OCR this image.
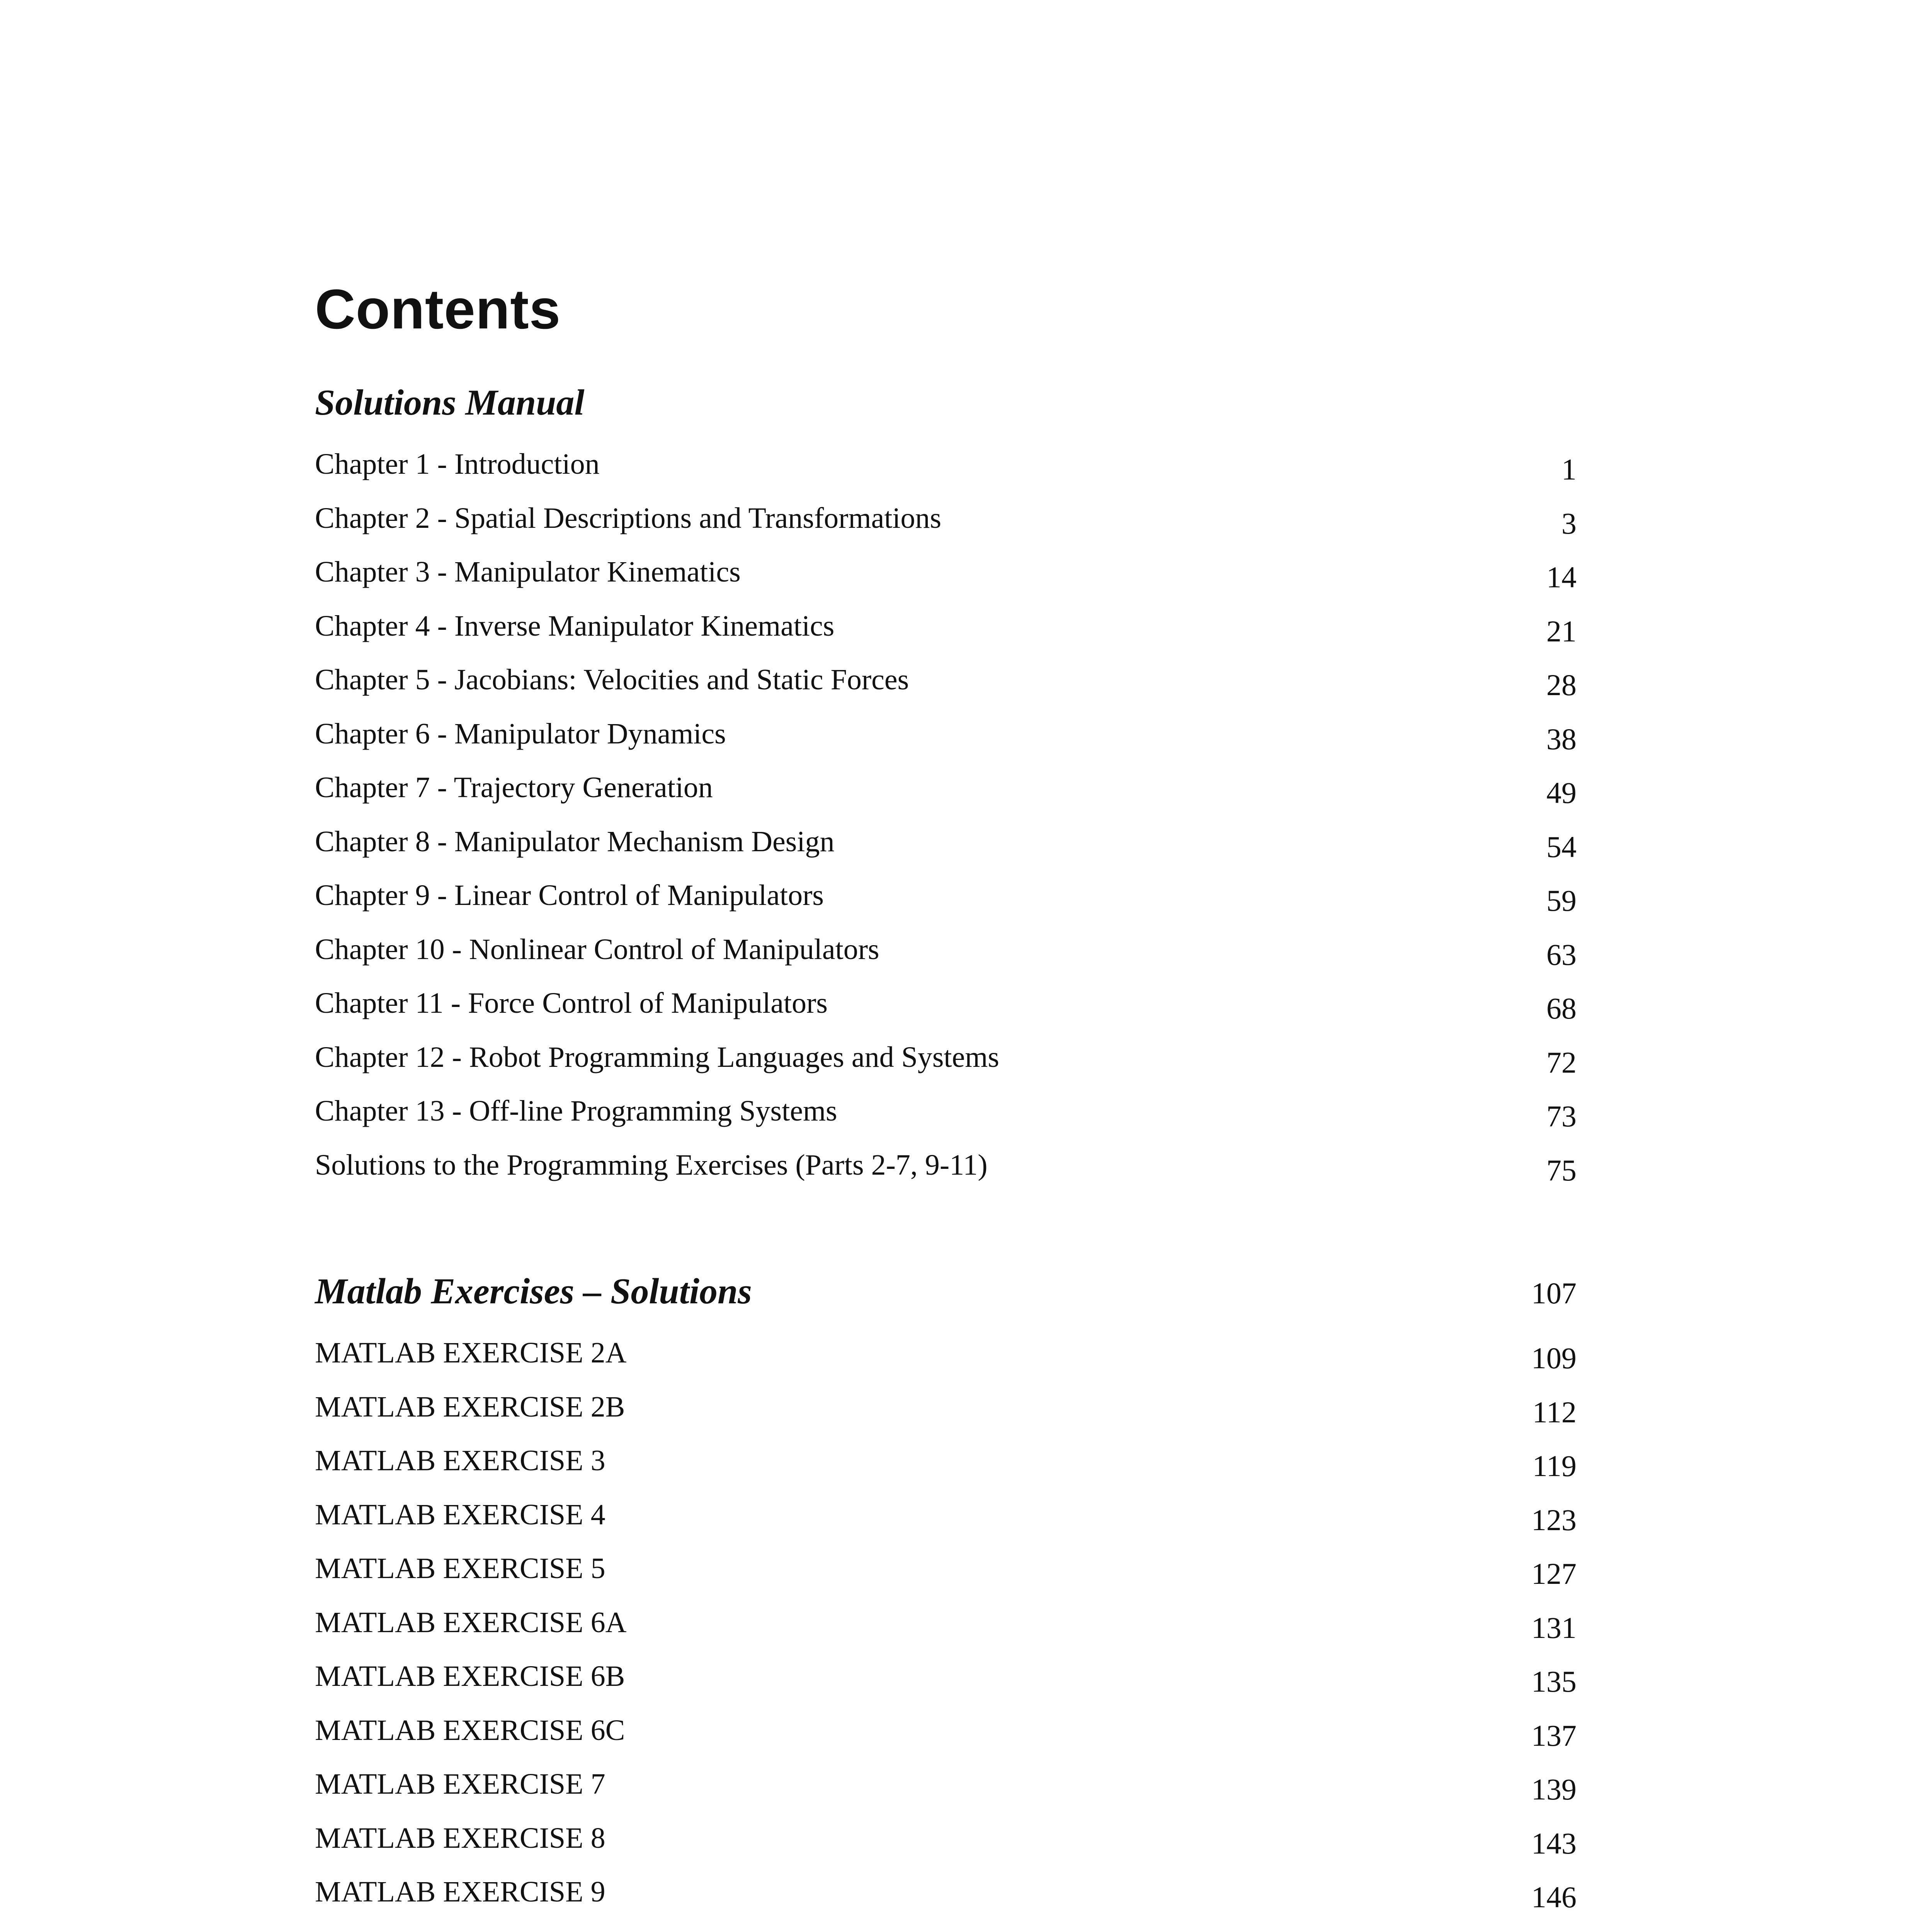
Contents
Solutions Manual
Chapter 1 - Introduction	1
Chapter 2 - Spatial Descriptions and Transformations	3
Chapter 3 - Manipulator Kinematics	14
Chapter 4 - Inverse Manipulator Kinematics	21
Chapter 5 - Jacobians: Velocities and Static Forces	28
Chapter 6 - Manipulator Dynamics	38
Chapter 7 - Trajectory Generation	49
Chapter 8 - Manipulator Mechanism Design	54
Chapter 9 - Linear Control of Manipulators	59
Chapter 10 - Nonlinear Control of Manipulators	63
Chapter 11 - Force Control of Manipulators	68
Chapter 12 - Robot Programming Languages and Systems	72
Chapter 13 - Off-line Programming Systems	73
Solutions to the Programming Exercises (Parts 2-7, 9-11)	75
Matlab Exercises – Solutions	107
MATLAB EXERCISE 2A	109
MATLAB EXERCISE 2B	112
MATLAB EXERCISE 3	119
MATLAB EXERCISE 4	123
MATLAB EXERCISE 5	127
MATLAB EXERCISE 6A	131
MATLAB EXERCISE 6B	135
MATLAB EXERCISE 6C	137
MATLAB EXERCISE 7	139
MATLAB EXERCISE 8	143
MATLAB EXERCISE 9	146
